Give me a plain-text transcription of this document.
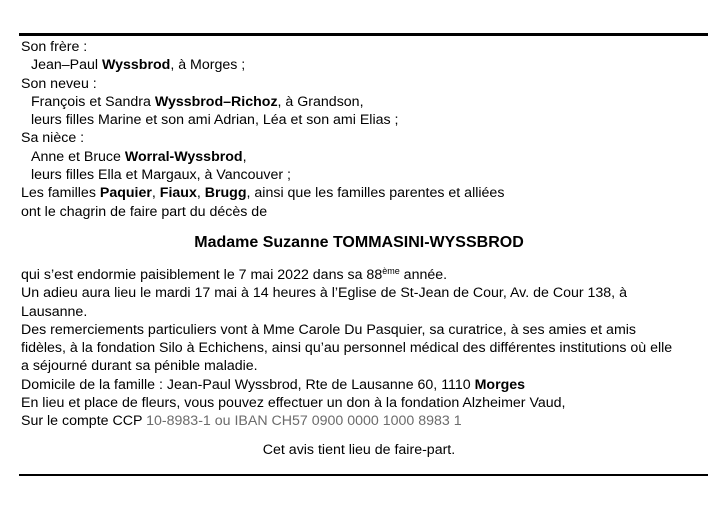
Son frère :
Jean–Paul Wyssbrod, à Morges ;
Son neveu :
François et Sandra Wyssbrod–Richoz, à Grandson,
leurs filles Marine et son ami Adrian, Léa et son ami Elias ;
Sa nièce :
Anne et Bruce Worral-Wyssbrod,
leurs filles Ella et Margaux, à Vancouver ;
Les familles Paquier, Fiaux, Brugg, ainsi que les familles parentes et alliées
ont le chagrin de faire part du décès de
Madame Suzanne TOMMASINI-WYSSBROD
qui s’est endormie paisiblement le 7 mai 2022 dans sa 88ème année.
Un adieu aura lieu le mardi 17 mai à 14 heures à l’Eglise de St-Jean de Cour, Av. de Cour 138, à
Lausanne.
Des remerciements particuliers vont à Mme Carole Du Pasquier, sa curatrice, à ses amies et amis
fidèles, à la fondation Silo à Echichens, ainsi qu’au personnel médical des différentes institutions où elle
a séjourné durant sa pénible maladie.
Domicile de la famille : Jean-Paul Wyssbrod, Rte de Lausanne 60, 1110 Morges
En lieu et place de fleurs, vous pouvez effectuer un don à la fondation Alzheimer Vaud,
Sur le compte CCP 10-8983-1 ou IBAN CH57 0900 0000 1000 8983 1
Cet avis tient lieu de faire-part.
